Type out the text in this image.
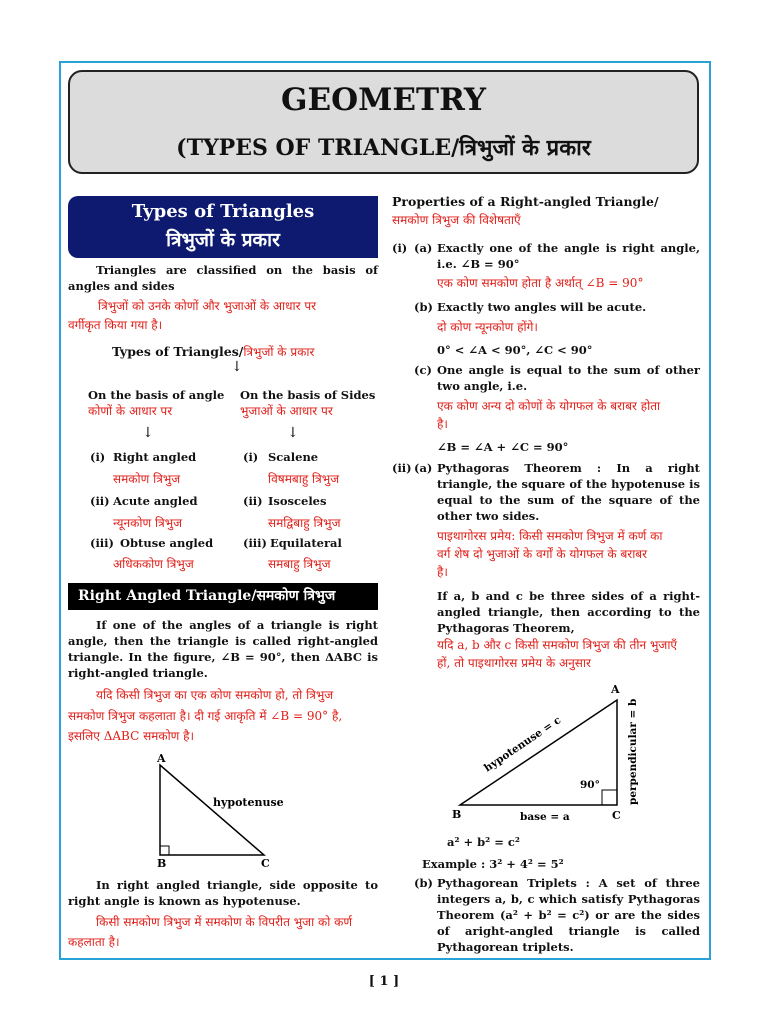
GEOMETRY
(TYPES OF TRIANGLE/त्रिभुजों के प्रकार
Types of Triangles
त्रिभुजों के प्रकार
Triangles are classified on the basis of angles and sides
त्रिभुजों को उनके कोणों और भुजाओं के आधार पर
वर्गीकृत किया गया है।
Types of Triangles/त्रिभुजों के प्रकार
↓
On the basis of angle
कोणों के आधार पर
On the basis of Sides
भुजाओं के आधार पर
↓	↓
(i) Right angled
समकोण त्रिभुज
(ii) Acute angled
न्यूनकोण त्रिभुज
(iii) Obtuse angled
अधिककोण त्रिभुज
(i) Scalene
विषमबाहु त्रिभुज
(ii) Isosceles
समद्विबाहु त्रिभुज
(iii) Equilateral
समबाहु त्रिभुज
Right Angled Triangle/समकोण त्रिभुज
If one of the angles of a triangle is right angle, then the triangle is called right-angled triangle. In the figure, ∠B = 90°, then ΔABC is right-angled triangle.
यदि किसी त्रिभुज का एक कोण समकोण हो, तो त्रिभुज
समकोण त्रिभुज कहलाता है। दी गई आकृति में ∠B = 90° है,
इसलिए ΔABC समकोण है।
A
B	C
hypotenuse
In right angled triangle, side opposite to right angle is known as hypotenuse.
किसी समकोण त्रिभुज में समकोण के विपरीत भुजा को कर्ण
कहलाता है।
Properties of a Right-angled Triangle/
समकोण त्रिभुज की विशेषताएँ
(i) (a) Exactly one of the angle is right angle, i.e. ∠B = 90°
एक कोण समकोण होता है अर्थात् ∠B = 90°
(b) Exactly two angles will be acute.
दो कोण न्यूनकोण होंगे।
0° < ∠A < 90°, ∠C < 90°
(c) One angle is equal to the sum of other two angle, i.e.
एक कोण अन्य दो कोणों के योगफल के बराबर होता
है।
∠B = ∠A + ∠C = 90°
(ii) (a) Pythagoras Theorem : In a right triangle, the square of the hypotenuse is equal to the sum of the square of the other two sides.
पाइथागोरस प्रमेय: किसी समकोण त्रिभुज में कर्ण का
वर्ग शेष दो भुजाओं के वर्गों के योगफल के बराबर
है।
If a, b and c be three sides of a right-angled triangle, then according to the Pythagoras Theorem,
यदि a, b और c किसी समकोण त्रिभुज की तीन भुजाएँ
हों, तो पाइथागोरस प्रमेय के अनुसार
A
B	C
90°
base = a
hypotenuse = c	perpendicular = b
a² + b² = c²
Example : 3² + 4² = 5²
(b) Pythagorean Triplets : A set of three integers a, b, c which satisfy Pythagoras Theorem (a² + b² = c²) or are the sides of aright-angled triangle is called Pythagorean triplets.
[ 1 ]
